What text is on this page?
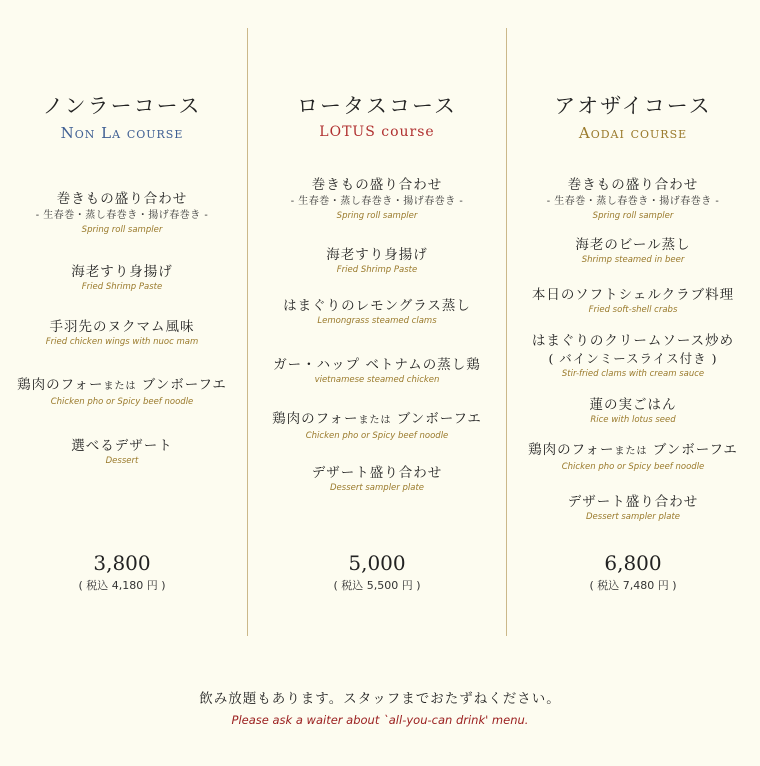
ノンラーコース
Non La course
巻きもの盛り合わせ
- 生春巻・蒸し春巻き・揚げ春巻き -
Spring roll sampler
海老すり身揚げ
Fried Shrimp Paste
手羽先のヌクマム風味
Fried chicken wings with nuoc mam
鶏肉のフォーまたは ブンボーフエ
Chicken pho or Spicy beef noodle
選べるデザート
Dessert
3,800
( 税込 4,180 円 )
ロータスコース
LOTUS course
巻きもの盛り合わせ
- 生春巻・蒸し春巻き・揚げ春巻き -
Spring roll sampler
海老すり身揚げ
Fried Shrimp Paste
はまぐりのレモングラス蒸し
Lemongrass steamed clams
ガー・ハップ ベトナムの蒸し鶏
vietnamese steamed chicken
鶏肉のフォーまたは ブンボーフエ
Chicken pho or Spicy beef noodle
デザート盛り合わせ
Dessert sampler plate
5,000
( 税込 5,500 円 )
アオザイコース
Aodai course
巻きもの盛り合わせ
- 生春巻・蒸し春巻き・揚げ春巻き -
Spring roll sampler
海老のビール蒸し
Shrimp steamed in beer
本日のソフトシェルクラブ料理
Fried soft-shell crabs
はまぐりのクリームソース炒め
( バインミースライス付き )
Stir-fried clams with cream sauce
蓮の実ごはん
Rice with lotus seed
鶏肉のフォーまたは ブンボーフエ
Chicken pho or Spicy beef noodle
デザート盛り合わせ
Dessert sampler plate
6,800
( 税込 7,480 円 )
飲み放題もあります。スタッフまでおたずねください。
Please ask a waiter about `all-you-can drink' menu.
